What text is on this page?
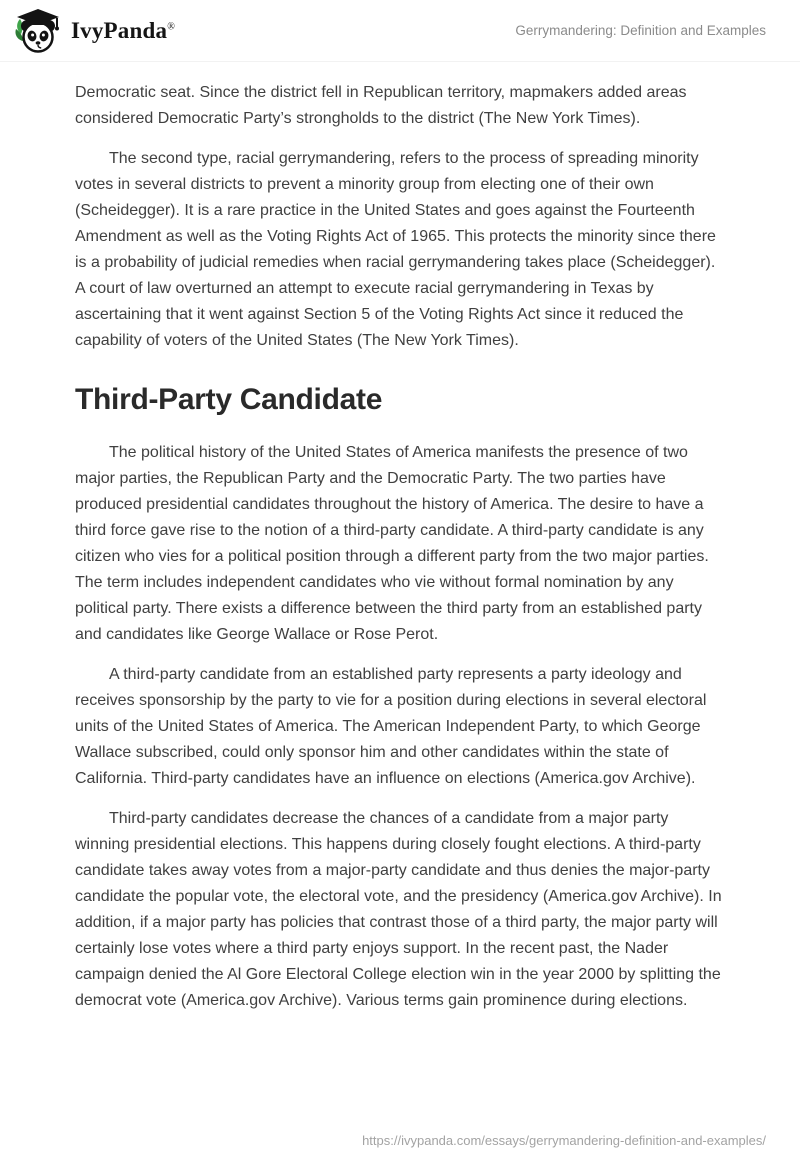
IvyPanda®	Gerrymandering: Definition and Examples

Democratic seat. Since the district fell in Republican territory, mapmakers added areas considered Democratic Party’s strongholds to the district (The New York Times).

The second type, racial gerrymandering, refers to the process of spreading minority votes in several districts to prevent a minority group from electing one of their own (Scheidegger). It is a rare practice in the United States and goes against the Fourteenth Amendment as well as the Voting Rights Act of 1965. This protects the minority since there is a probability of judicial remedies when racial gerrymandering takes place (Scheidegger). A court of law overturned an attempt to execute racial gerrymandering in Texas by ascertaining that it went against Section 5 of the Voting Rights Act since it reduced the capability of voters of the United States (The New York Times).

Third-Party Candidate

The political history of the United States of America manifests the presence of two major parties, the Republican Party and the Democratic Party. The two parties have produced presidential candidates throughout the history of America. The desire to have a third force gave rise to the notion of a third-party candidate. A third-party candidate is any citizen who vies for a political position through a different party from the two major parties. The term includes independent candidates who vie without formal nomination by any political party. There exists a difference between the third party from an established party and candidates like George Wallace or Rose Perot.

A third-party candidate from an established party represents a party ideology and receives sponsorship by the party to vie for a position during elections in several electoral units of the United States of America. The American Independent Party, to which George Wallace subscribed, could only sponsor him and other candidates within the state of California. Third-party candidates have an influence on elections (America.gov Archive).

Third-party candidates decrease the chances of a candidate from a major party winning presidential elections. This happens during closely fought elections. A third-party candidate takes away votes from a major-party candidate and thus denies the major-party candidate the popular vote, the electoral vote, and the presidency (America.gov Archive). In addition, if a major party has policies that contrast those of a third party, the major party will certainly lose votes where a third party enjoys support. In the recent past, the Nader campaign denied the Al Gore Electoral College election win in the year 2000 by splitting the democrat vote (America.gov Archive). Various terms gain prominence during elections.

https://ivypanda.com/essays/gerrymandering-definition-and-examples/
